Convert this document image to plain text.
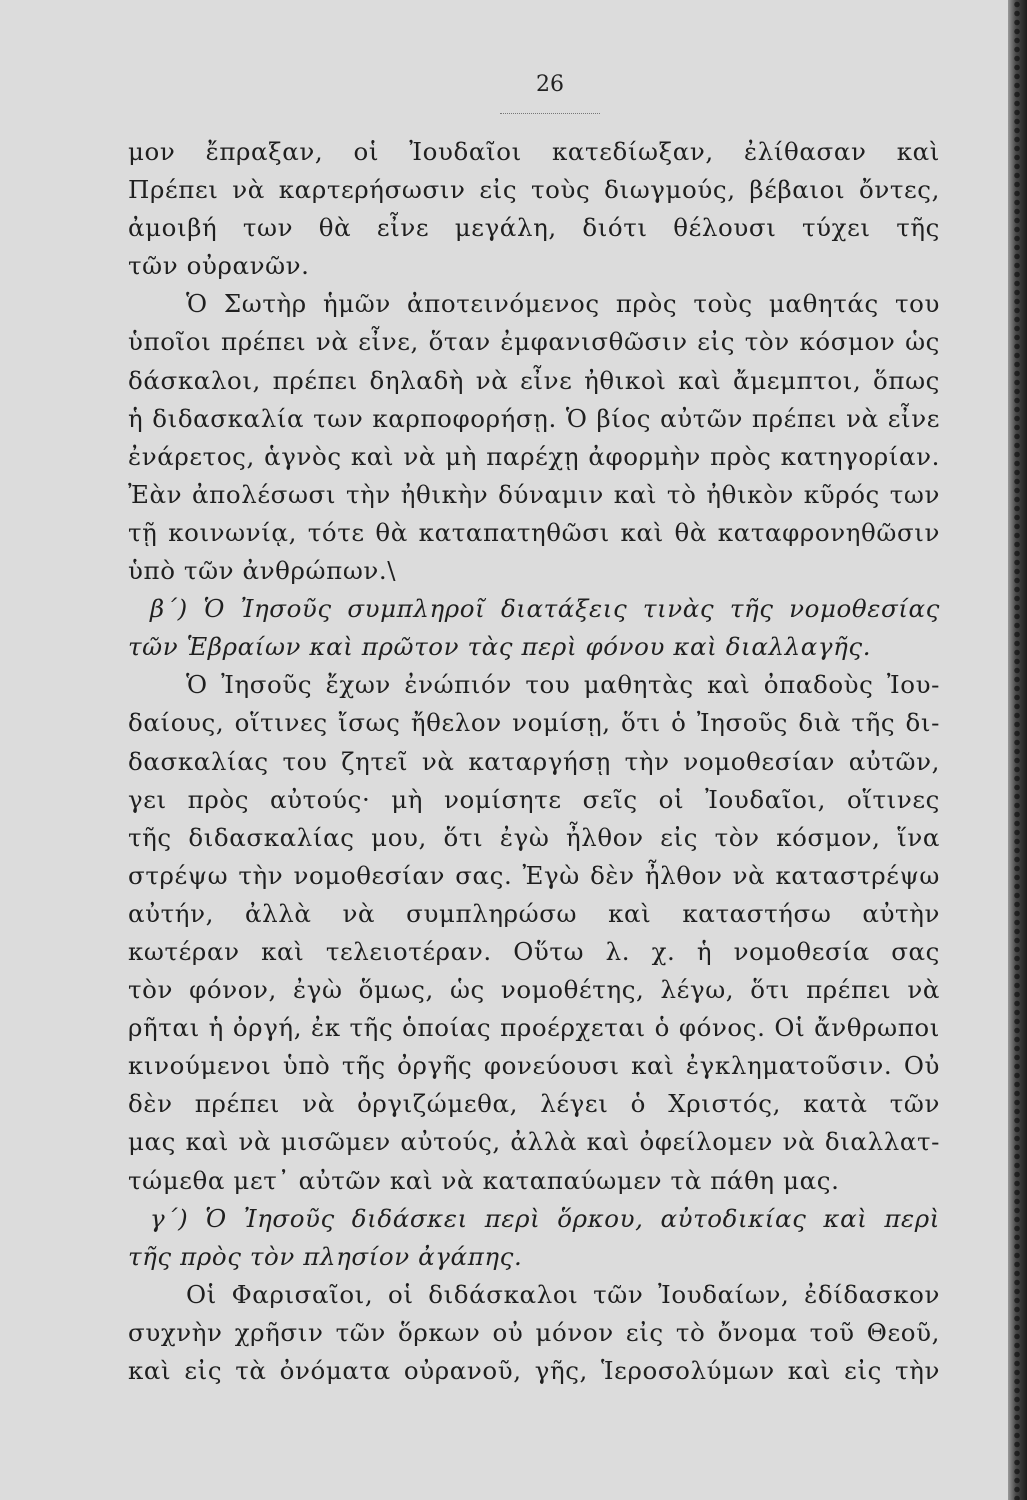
26
μον ἔπραξαν, οἱ Ἰουδαῖοι κατεδίωξαν, ἐλίθασαν καὶ
Πρέπει νὰ καρτερήσωσιν εἰς τοὺς διωγμούς, βέβαιοι ὄντες,
ἀμοιβή των θὰ εἶνε μεγάλη, διότι θέλουσι τύχει τῆς
τῶν οὐρανῶν.
Ὁ Σωτὴρ ἡμῶν ἀποτεινόμενος πρὸς τοὺς μαθητάς του
ὑποῖοι πρέπει νὰ εἶνε, ὅταν ἐμφανισθῶσιν εἰς τὸν κόσμον ὡς
δάσκαλοι, πρέπει δηλαδὴ νὰ εἶνε ἠθικοὶ καὶ ἄμεμπτοι, ὅπως
ἡ διδασκαλία των καρποφορήσῃ. Ὁ βίος αὐτῶν πρέπει νὰ εἶνε
ἐνάρετος, ἁγνὸς καὶ νὰ μὴ παρέχῃ ἀφορμὴν πρὸς κατηγορίαν.
Ἐὰν ἀπολέσωσι τὴν ἠθικὴν δύναμιν καὶ τὸ ἠθικὸν κῦρός των
τῇ κοινωνίᾳ, τότε θὰ καταπατηθῶσι καὶ θὰ καταφρονηθῶσιν
ὑπὸ τῶν ἀνθρώπων.\
β΄) Ὁ Ἰησοῦς συμπληροῖ διατάξεις τινὰς τῆς νομοθεσίας
τῶν Ἑβραίων καὶ πρῶτον τὰς περὶ φόνου καὶ διαλλαγῆς.
Ὁ Ἰησοῦς ἔχων ἐνώπιόν του μαθητὰς καὶ ὀπαδοὺς Ἰου-
δαίους, οἵτινες ἴσως ἤθελον νομίσῃ, ὅτι ὁ Ἰησοῦς διὰ τῆς δι-
δασκαλίας του ζητεῖ νὰ καταργήσῃ τὴν νομοθεσίαν αὐτῶν,
γει πρὸς αὐτούς· μὴ νομίσητε σεῖς οἱ Ἰουδαῖοι, οἵτινες
τῆς διδασκαλίας μου, ὅτι ἐγὼ ἦλθον εἰς τὸν κόσμον, ἵνα
στρέψω τὴν νομοθεσίαν σας. Ἐγὼ δὲν ἦλθον νὰ καταστρέψω
αὐτήν, ἀλλὰ νὰ συμπληρώσω καὶ καταστήσω αὐτὴν
κωτέραν καὶ τελειοτέραν. Οὕτω λ. χ. ἡ νομοθεσία σας
τὸν φόνον, ἐγὼ ὅμως, ὡς νομοθέτης, λέγω, ὅτι πρέπει νὰ
ρῆται ἡ ὀργή, ἐκ τῆς ὁποίας προέρχεται ὁ φόνος. Οἱ ἄνθρωποι
κινούμενοι ὑπὸ τῆς ὀργῆς φονεύουσι καὶ ἐγκληματοῦσιν. Οὐ
δὲν πρέπει νὰ ὀργιζώμεθα, λέγει ὁ Χριστός, κατὰ τῶν
μας καὶ νὰ μισῶμεν αὐτούς, ἀλλὰ καὶ ὀφείλομεν νὰ διαλλατ-
τώμεθα μετ᾿ αὐτῶν καὶ νὰ καταπαύωμεν τὰ πάθη μας.
γ΄) Ὁ Ἰησοῦς διδάσκει περὶ ὅρκου, αὐτοδικίας καὶ περὶ
τῆς πρὸς τὸν πλησίον ἀγάπης.
Οἱ Φαρισαῖοι, οἱ διδάσκαλοι τῶν Ἰουδαίων, ἐδίδασκον
συχνὴν χρῆσιν τῶν ὅρκων οὐ μόνον εἰς τὸ ὄνομα τοῦ Θεοῦ,
καὶ εἰς τὰ ὀνόματα οὐρανοῦ, γῆς, Ἱεροσολύμων καὶ εἰς τὴν
